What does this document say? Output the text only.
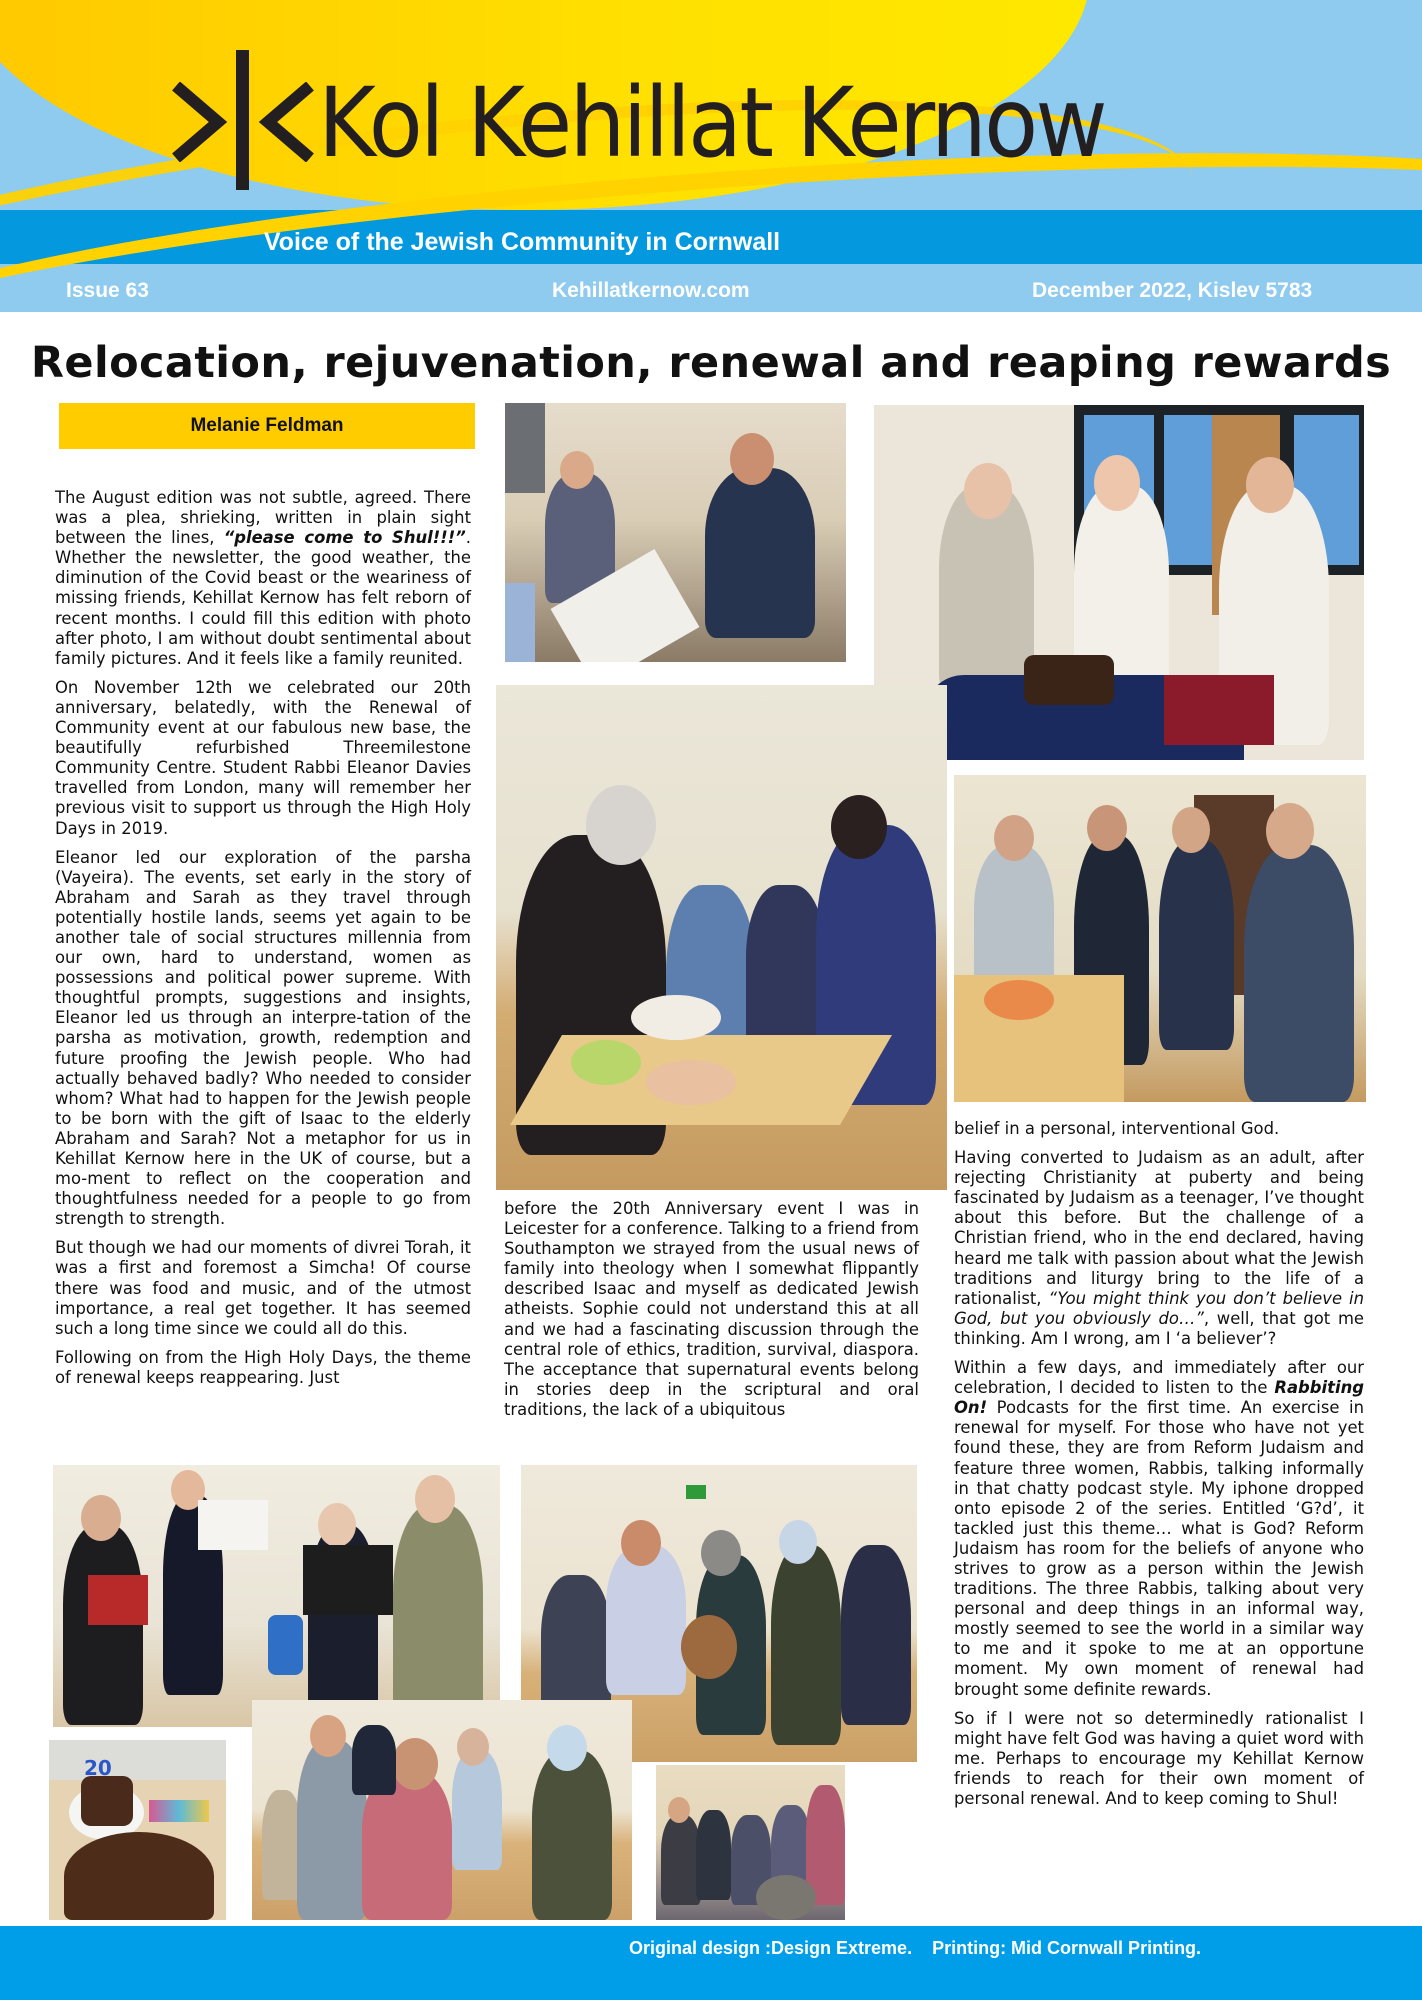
Kol Kehillat Kernow
Voice of the Jewish Community in Cornwall
Issue 63	Kehillatkernow.com	December 2022, Kislev 5783
Relocation, rejuvenation, renewal and reaping rewards
Melanie Feldman

The August edition was not subtle, agreed. There was a plea, shrieking, written in plain sight between the lines, “please come to Shul!!!”. Whether the newsletter, the good weather, the diminution of the Covid beast or the weariness of missing friends, Kehillat Kernow has felt reborn of recent months. I could fill this edition with photo after photo, I am without doubt sentimental about family pictures. And it feels like a family reunited.

On November 12th we celebrated our 20th anniversary, belatedly, with the Renewal of Community event at our fabulous new base, the beautifully refurbished Threemilestone Community Centre. Student Rabbi Eleanor Davies travelled from London, many will remember her previous visit to support us through the High Holy Days in 2019.

Eleanor led our exploration of the parsha (Vayeira). The events, set early in the story of Abraham and Sarah as they travel through potentially hostile lands, seems yet again to be another tale of social structures millennia from our own, hard to understand, women as possessions and political power supreme. With thoughtful prompts, suggestions and insights, Eleanor led us through an interpre-tation of the parsha as motivation, growth, redemption and future proofing the Jewish people. Who had actually behaved badly? Who needed to consider whom? What had to happen for the Jewish people to be born with the gift of Isaac to the elderly Abraham and Sarah? Not a metaphor for us in Kehillat Kernow here in the UK of course, but a mo-ment to reflect on the cooperation and thoughtfulness needed for a people to go from strength to strength.

But though we had our moments of divrei Torah, it was a first and foremost a Simcha! Of course there was food and music, and of the utmost importance, a real get together. It has seemed such a long time since we could all do this.

Following on from the High Holy Days, the theme of renewal keeps reappearing. Just

before the 20th Anniversary event I was in Leicester for a conference. Talking to a friend from Southampton we strayed from the usual news of family into theology when I somewhat flippantly described Isaac and myself as dedicated Jewish atheists. Sophie could not understand this at all and we had a fascinating discussion through the central role of ethics, tradition, survival, diaspora. The acceptance that supernatural events belong in stories deep in the scriptural and oral traditions, the lack of a ubiquitous

belief in a personal, interventional God.

Having converted to Judaism as an adult, after rejecting Christianity at puberty and being fascinated by Judaism as a teenager, I’ve thought about this before. But the challenge of a Christian friend, who in the end declared, having heard me talk with passion about what the Jewish traditions and liturgy bring to the life of a rationalist, “You might think you don’t believe in God, but you obviously do…”, well, that got me thinking. Am I wrong, am I ‘a believer’?

Within a few days, and immediately after our celebration, I decided to listen to the Rabbiting On! Podcasts for the first time. An exercise in renewal for myself. For those who have not yet found these, they are from Reform Judaism and feature three women, Rabbis, talking informally in that chatty podcast style. My iphone dropped onto episode 2 of the series. Entitled ‘G?d’, it tackled just this theme… what is God? Reform Judaism has room for the beliefs of anyone who strives to grow as a person within the Jewish traditions. The three Rabbis, talking about very personal and deep things in an informal way, mostly seemed to see the world in a similar way to me and it spoke to me at an opportune moment. My own moment of renewal had brought some definite rewards.

So if I were not so determinedly rationalist I might have felt God was having a quiet word with me. Perhaps to encourage my Kehillat Kernow friends to reach for their own moment of personal renewal. And to keep coming to Shul!

20
Original design :Design Extreme.    Printing: Mid Cornwall Printing.
